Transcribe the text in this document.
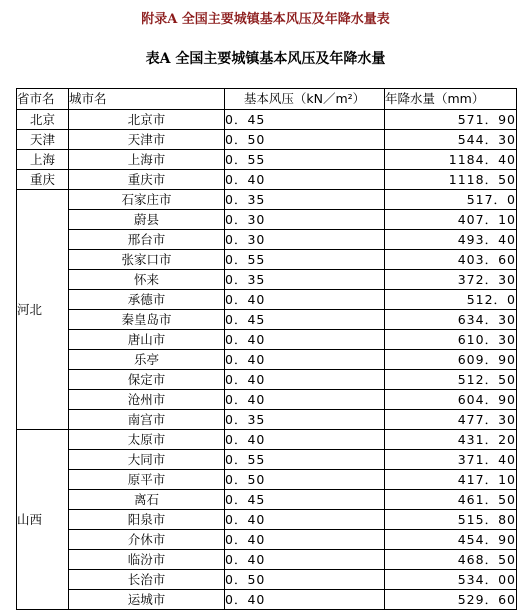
附录A 全国主要城镇基本风压及年降水量表
表A 全国主要城镇基本风压及年降水量
省市名	城市名	基本风压（kN／m²）	年降水量（mm）
北京	北京市	0．45	571．90
天津	天津市	0．50	544．30
上海	上海市	0．55	1184．40
重庆	重庆市	0．40	1118．50
河北	石家庄市	0．35	517．0
	蔚县	0．30	407．10
	邢台市	0．30	493．40
	张家口市	0．55	403．60
	怀来	0．35	372．30
	承德市	0．40	512．0
	秦皇岛市	0．45	634．30
	唐山市	0．40	610．30
	乐亭	0．40	609．90
	保定市	0．40	512．50
	沧州市	0．40	604．90
	南宫市	0．35	477．30
山西	太原市	0．40	431．20
	大同市	0．55	371．40
	原平市	0．50	417．10
	离石	0．45	461．50
	阳泉市	0．40	515．80
	介休市	0．40	454．90
	临汾市	0．40	468．50
	长治市	0．50	534．00
	运城市	0．40	529．60
